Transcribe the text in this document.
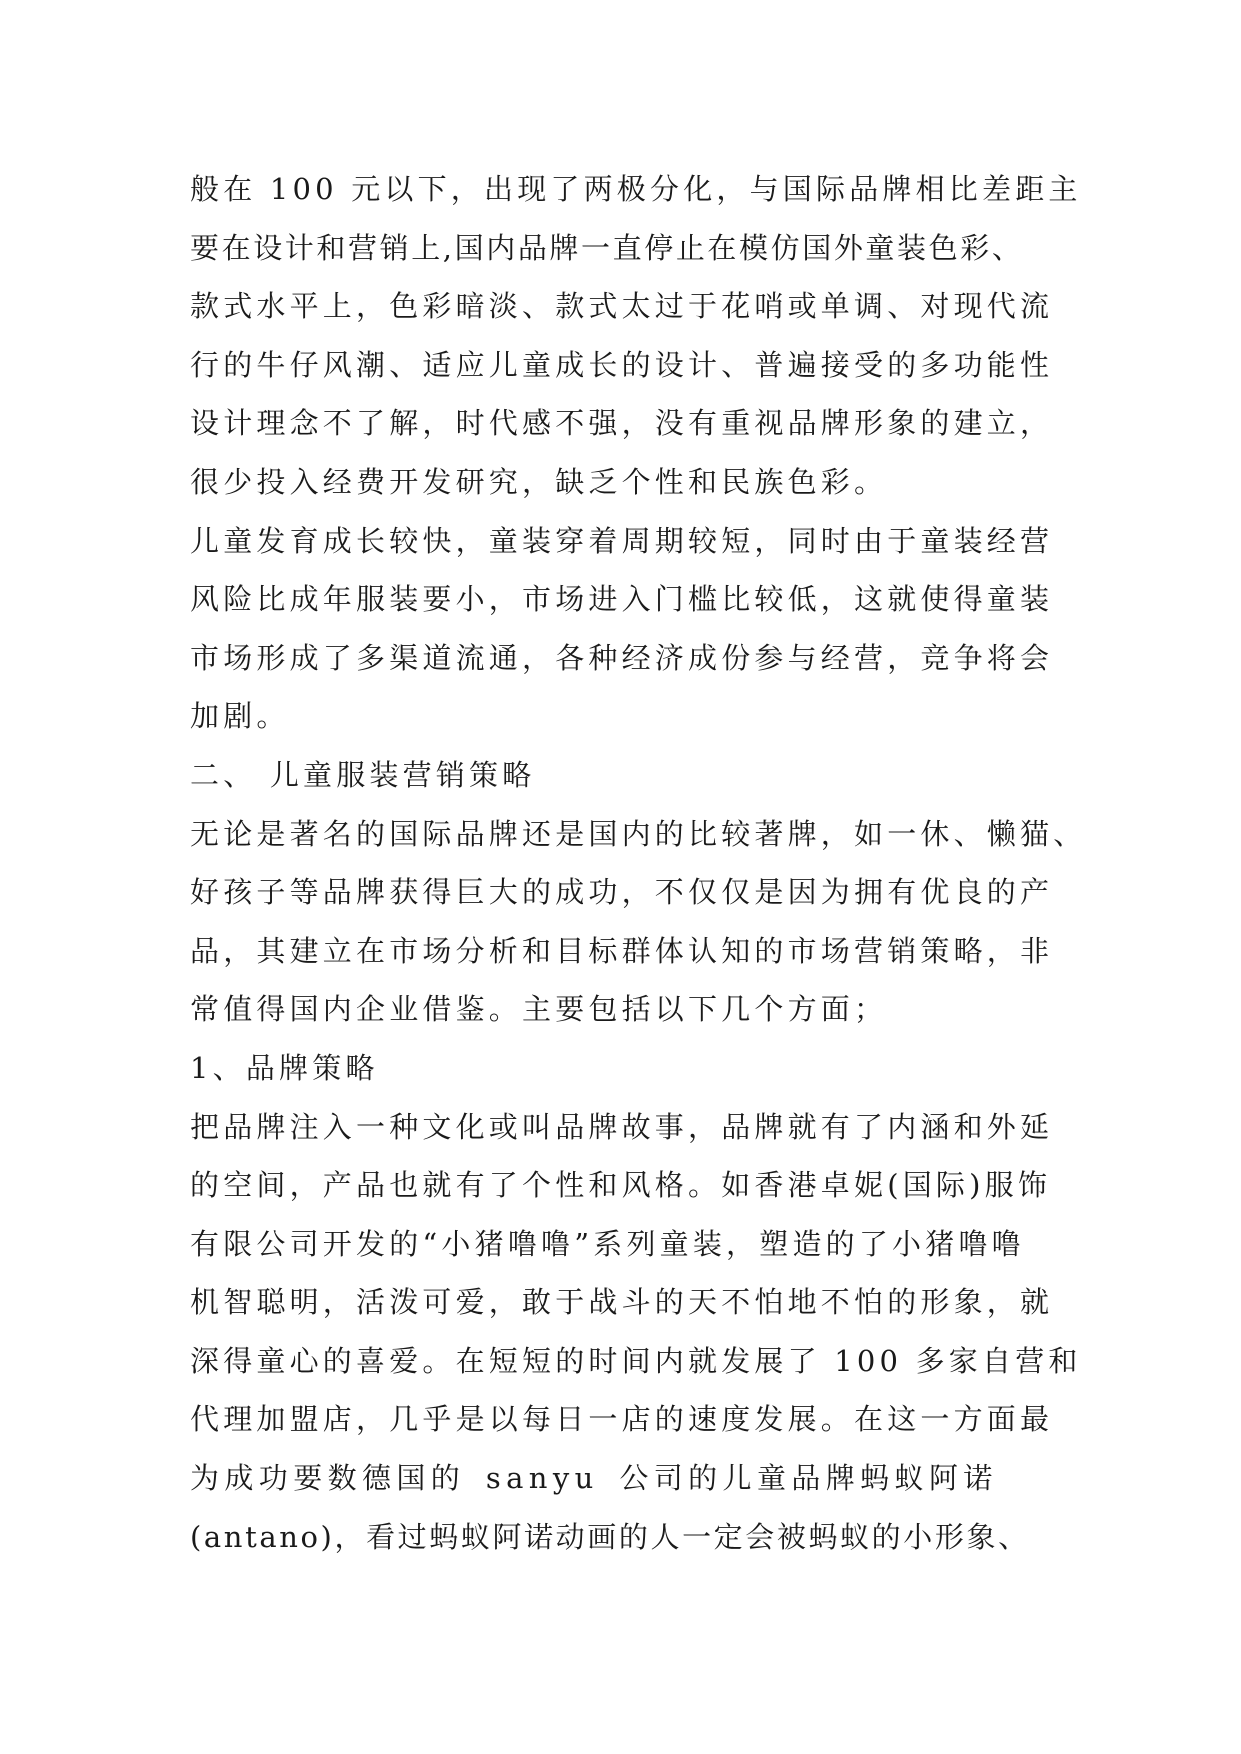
般在 100 元以下，出现了两极分化，与国际品牌相比差距主
要在设计和营销上,国内品牌一直停止在模仿国外童装色彩、
款式水平上，色彩暗淡、款式太过于花哨或单调、对现代流
行的牛仔风潮、适应儿童成长的设计、普遍接受的多功能性
设计理念不了解，时代感不强，没有重视品牌形象的建立，
很少投入经费开发研究，缺乏个性和民族色彩。
儿童发育成长较快，童装穿着周期较短，同时由于童装经营
风险比成年服装要小，市场进入门槛比较低，这就使得童装
市场形成了多渠道流通，各种经济成份参与经营，竞争将会
加剧。
二、 儿童服装营销策略
无论是著名的国际品牌还是国内的比较著牌，如一休、懒猫、
好孩子等品牌获得巨大的成功，不仅仅是因为拥有优良的产
品，其建立在市场分析和目标群体认知的市场营销策略，非
常值得国内企业借鉴。主要包括以下几个方面；
1、品牌策略
把品牌注入一种文化或叫品牌故事，品牌就有了内涵和外延
的空间，产品也就有了个性和风格。如香港卓妮(国际)服饰
有限公司开发的“小猪噜噜”系列童装，塑造的了小猪噜噜
机智聪明，活泼可爱，敢于战斗的天不怕地不怕的形象，就
深得童心的喜爱。在短短的时间内就发展了 100 多家自营和
代理加盟店，几乎是以每日一店的速度发展。在这一方面最
为成功要数德国的 sanyu 公司的儿童品牌蚂蚁阿诺
(antano)，看过蚂蚁阿诺动画的人一定会被蚂蚁的小形象、
